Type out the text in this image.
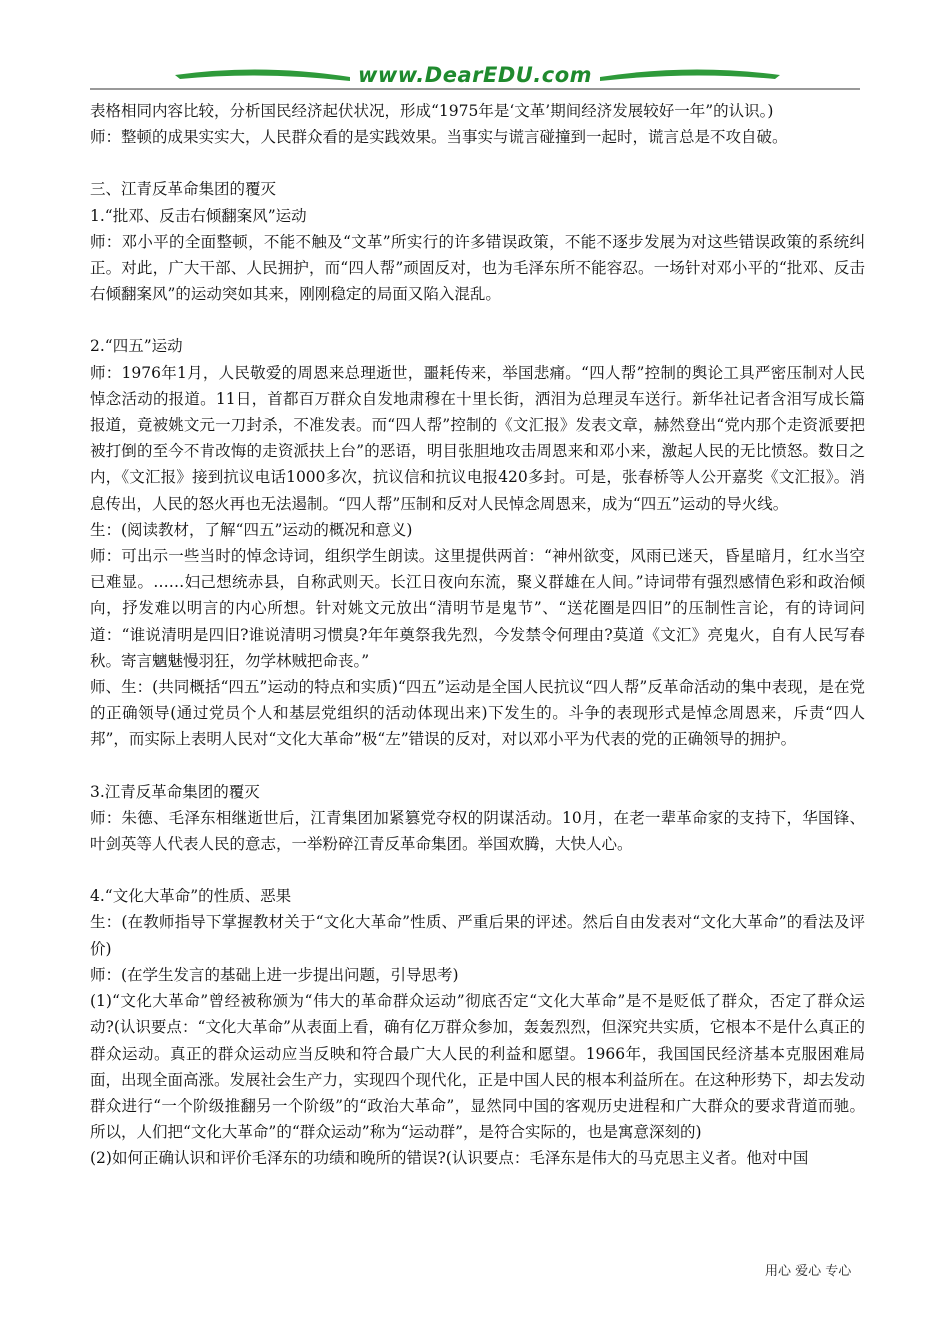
www.DearEDU.com

表格相同内容比较，分析国民经济起伏状况，形成“1975年是‘文革’期间经济发展较好一年”的认识。)

师：整顿的成果实实大，人民群众看的是实践效果。当事实与谎言碰撞到一起时，谎言总是不攻自破。

三、江青反革命集团的覆灭

1.“批邓、反击右倾翻案风”运动

师：邓小平的全面整顿，不能不触及“文革”所实行的许多错误政策，不能不逐步发展为对这些错误政策的系统纠正。对此，广大干部、人民拥护，而“四人帮”顽固反对，也为毛泽东所不能容忍。一场针对邓小平的“批邓、反击右倾翻案风”的运动突如其来，刚刚稳定的局面又陷入混乱。

2.“四五”运动

师：1976年1月，人民敬爱的周恩来总理逝世，噩耗传来，举国悲痛。“四人帮”控制的舆论工具严密压制对人民悼念活动的报道。11日，首都百万群众自发地肃穆在十里长街，洒泪为总理灵车送行。新华社记者含泪写成长篇报道，竟被姚文元一刀封杀，不准发表。而“四人帮”控制的《文汇报》发表文章，赫然登出“党内那个走资派要把被打倒的至今不肯改悔的走资派扶上台”的恶语，明目张胆地攻击周恩来和邓小来，激起人民的无比愤怒。数日之内，《文汇报》接到抗议电话1000多次，抗议信和抗议电报420多封。可是，张春桥等人公开嘉奖《文汇报》。消息传出，人民的怒火再也无法遏制。“四人帮”压制和反对人民悼念周恩来，成为“四五”运动的导火线。

生：(阅读教材，了解“四五”运动的概况和意义)

师：可出示一些当时的悼念诗词，组织学生朗读。这里提供两首：“神州欲变，风雨已迷天，昏星暗月，红水当空已难显。……妇己想统赤县，自称武则天。长江日夜向东流，聚义群雄在人间。”诗词带有强烈感情色彩和政治倾向，抒发难以明言的内心所想。针对姚文元放出“清明节是鬼节”、“送花圈是四旧”的压制性言论，有的诗词问道：“谁说清明是四旧?谁说清明习惯臭?年年奠祭我先烈，今发禁令何理由?莫道《文汇》亮鬼火，自有人民写春秋。寄言魑魅慢羽狂，勿学林贼把命丧。”

师、生：(共同概括“四五”运动的特点和实质)“四五”运动是全国人民抗议“四人帮”反革命活动的集中表现，是在党的正确领导(通过党员个人和基层党组织的活动体现出来)下发生的。斗争的表现形式是悼念周恩来，斥责“四人邦”，而实际上表明人民对“文化大革命”极“左”错误的反对，对以邓小平为代表的党的正确领导的拥护。

3.江青反革命集团的覆灭

师：朱德、毛泽东相继逝世后，江青集团加紧篡党夺权的阴谋活动。10月，在老一辈革命家的支持下，华国锋、叶剑英等人代表人民的意志，一举粉碎江青反革命集团。举国欢腾，大快人心。

4.“文化大革命”的性质、恶果

生：(在教师指导下掌握教材关于“文化大革命”性质、严重后果的评述。然后自由发表对“文化大革命”的看法及评价)

师：(在学生发言的基础上进一步提出问题，引导思考)

(1)“文化大革命”曾经被称颁为“伟大的革命群众运动”彻底否定“文化大革命”是不是贬低了群众，否定了群众运动?(认识要点：“文化大革命”从表面上看，确有亿万群众参加，轰轰烈烈，但深究共实质，它根本不是什么真正的群众运动。真正的群众运动应当反映和符合最广大人民的利益和愿望。1966年，我国国民经济基本克服困难局面，出现全面高涨。发展社会生产力，实现四个现代化，正是中国人民的根本利益所在。在这种形势下，却去发动群众进行“一个阶级推翻另一个阶级”的“政治大革命”，显然同中国的客观历史进程和广大群众的要求背道而驰。所以，人们把“文化大革命”的“群众运动”称为“运动群”，是符合实际的，也是寓意深刻的)

(2)如何正确认识和评价毛泽东的功绩和晚所的错误?(认识要点：毛泽东是伟大的马克思主义者。他对中国

用心 爱心 专心
